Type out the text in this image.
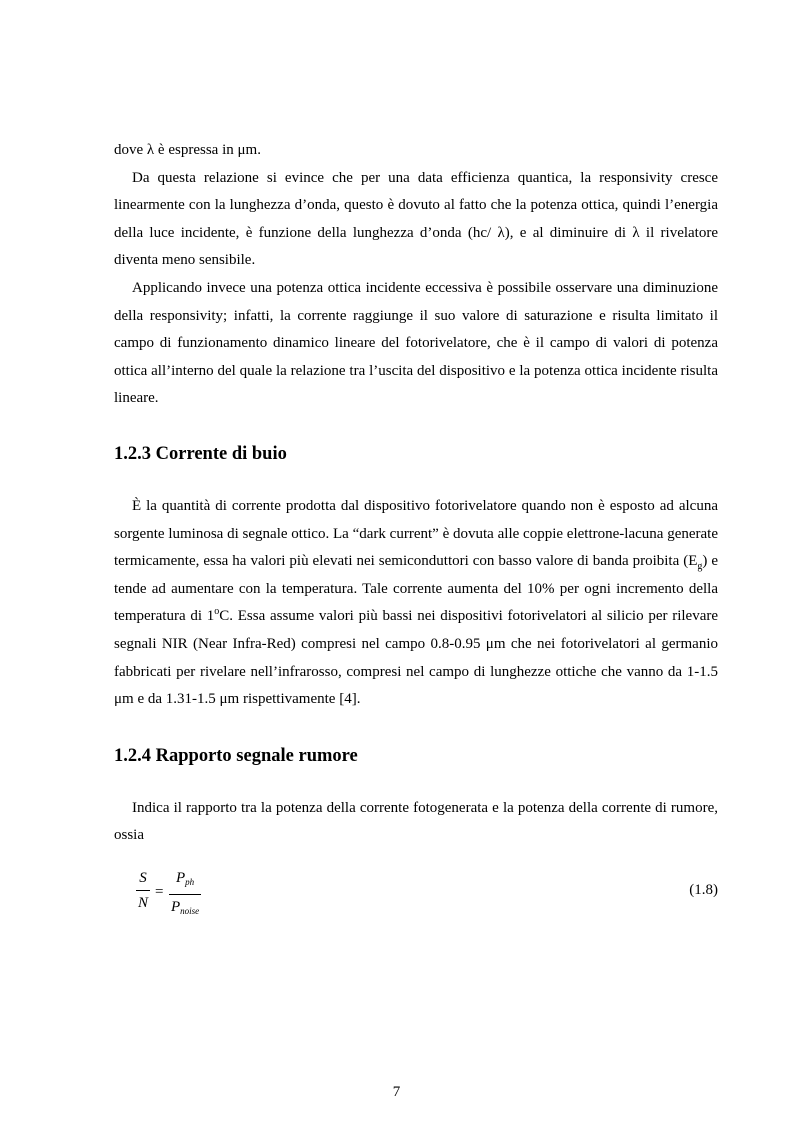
dove λ è espressa in μm.

Da questa relazione si evince che per una data efficienza quantica, la responsivity cresce linearmente con la lunghezza d’onda, questo è dovuto al fatto che la potenza ottica, quindi l’energia della luce incidente, è funzione della lunghezza d’onda (hc/ λ), e al diminuire di λ il rivelatore diventa meno sensibile.

Applicando invece una potenza ottica incidente eccessiva è possibile osservare una diminuzione della responsivity; infatti, la corrente raggiunge il suo valore di saturazione e risulta limitato il campo di funzionamento dinamico lineare del fotorivelatore, che è il campo di valori di potenza ottica all’interno del quale la relazione tra l’uscita del dispositivo e la potenza ottica incidente risulta lineare.

1.2.3 Corrente di buio

È la quantità di corrente prodotta dal dispositivo fotorivelatore quando non è esposto ad alcuna sorgente luminosa di segnale ottico. La “dark current” è dovuta alle coppie elettrone-lacuna generate termicamente, essa ha valori più elevati nei semiconduttori con basso valore di banda proibita $(E_g)$ e tende ad aumentare con la temperatura. Tale corrente aumenta del 10% per ogni incremento della temperatura di 1$^o$C. Essa assume valori più bassi nei dispositivi fotorivelatori al silicio per rilevare segnali NIR (Near Infra-Red) compresi nel campo 0.8-0.95 μm che nei fotorivelatori al germanio fabbricati per rivelare nell’infrarosso, compresi nel campo di lunghezze ottiche che vanno da 1-1.5 μm e da 1.31-1.5 μm rispettivamente [4].

1.2.4 Rapporto segnale rumore

Indica il rapporto tra la potenza della corrente fotogenerata e la potenza della corrente di rumore, ossia

S
N
=
$P_{ph}$
$P_{noise}$
(1.8)
7
